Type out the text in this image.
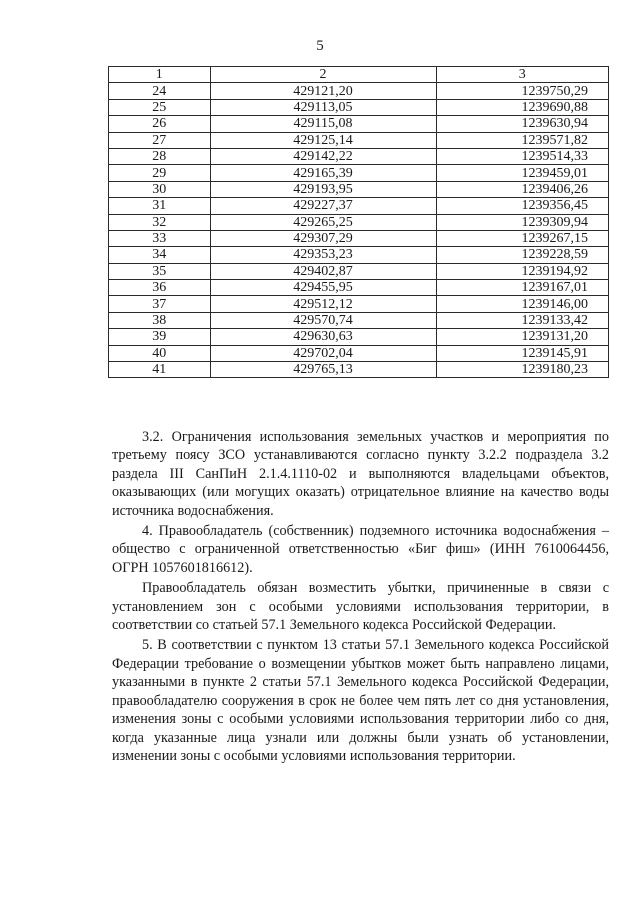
5
1	2	3
24	429121,20	1239750,29
25	429113,05	1239690,88
26	429115,08	1239630,94
27	429125,14	1239571,82
28	429142,22	1239514,33
29	429165,39	1239459,01
30	429193,95	1239406,26
31	429227,37	1239356,45
32	429265,25	1239309,94
33	429307,29	1239267,15
34	429353,23	1239228,59
35	429402,87	1239194,92
36	429455,95	1239167,01
37	429512,12	1239146,00
38	429570,74	1239133,42
39	429630,63	1239131,20
40	429702,04	1239145,91
41	429765,13	1239180,23

3.2. Ограничения использования земельных участков и мероприятия по третьему поясу ЗСО устанавливаются согласно пункту 3.2.2 подраздела 3.2 раздела III СанПиН 2.1.4.1110-02 и выполняются владельцами объектов, оказывающих (или могущих оказать) отрицательное влияние на качество воды источника водоснабжения.

4. Правообладатель (собственник) подземного источника водоснабжения – общество с ограниченной ответственностью «Биг фиш» (ИНН 7610064456, ОГРН 1057601816612).

Правообладатель обязан возместить убытки, причиненные в связи с установлением зон с особыми условиями использования территории, в соответствии со статьей 57.1 Земельного кодекса Российской Федерации.

5. В соответствии с пунктом 13 статьи 57.1 Земельного кодекса Российской Федерации требование о возмещении убытков может быть направлено лицами, указанными в пункте 2 статьи 57.1 Земельного кодекса Российской Федерации, правообладателю сооружения в срок не более чем пять лет со дня установления, изменения зоны с особыми условиями использования территории либо со дня, когда указанные лица узнали или должны были узнать об установлении, изменении зоны с особыми условиями использования территории.
